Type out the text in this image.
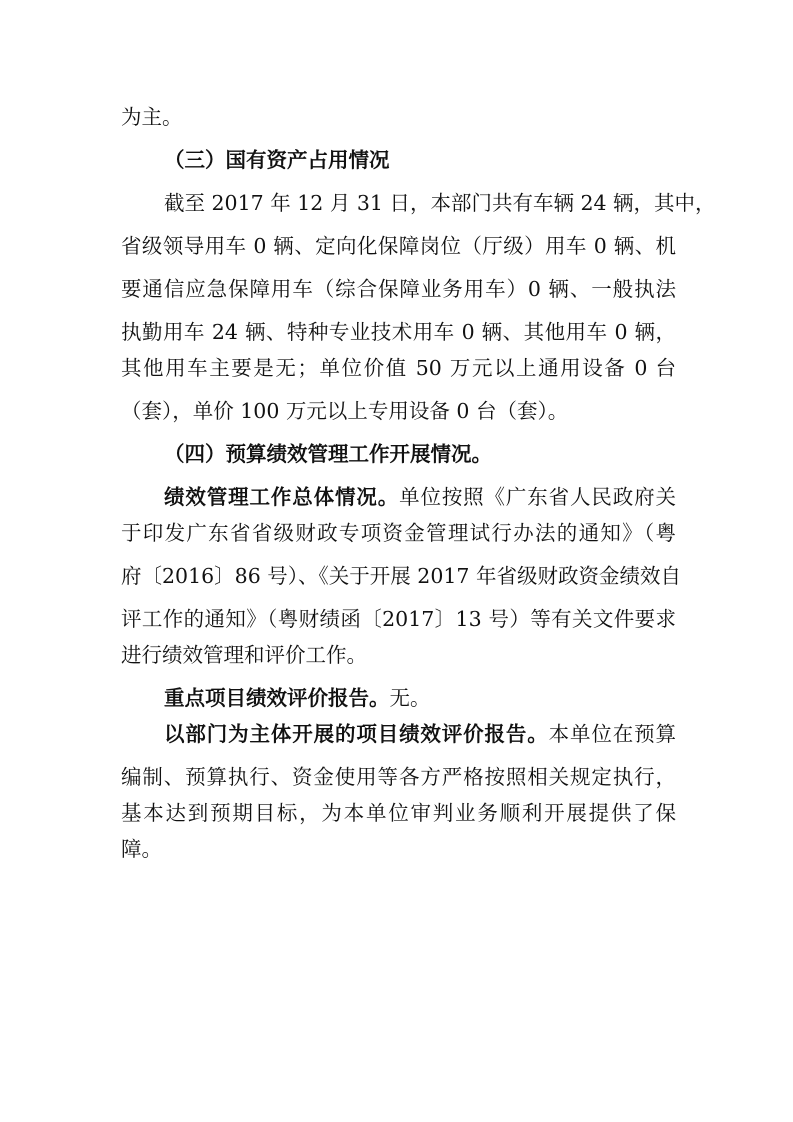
为主。
（三）国有资产占用情况
截至 2017 年 12 月 31 日，本部门共有车辆 24 辆，其中，
省级领导用车 0 辆、定向化保障岗位（厅级）用车 0 辆、机
要通信应急保障用车（综合保障业务用车）0 辆、一般执法
执勤用车 24 辆、特种专业技术用车 0 辆、其他用车 0 辆，
其他用车主要是无；单位价值 50 万元以上通用设备 0 台
（套），单价 100 万元以上专用设备 0 台（套）。
（四）预算绩效管理工作开展情况。
绩效管理工作总体情况。单位按照《广东省人民政府关
于印发广东省省级财政专项资金管理试行办法的通知》（粤
府〔2016〕86 号）、《关于开展 2017 年省级财政资金绩效自
评工作的通知》（粤财绩函〔2017〕13 号）等有关文件要求
进行绩效管理和评价工作。
重点项目绩效评价报告。无。
以部门为主体开展的项目绩效评价报告。本单位在预算
编制、预算执行、资金使用等各方严格按照相关规定执行，
基本达到预期目标，为本单位审判业务顺利开展提供了保
障。
